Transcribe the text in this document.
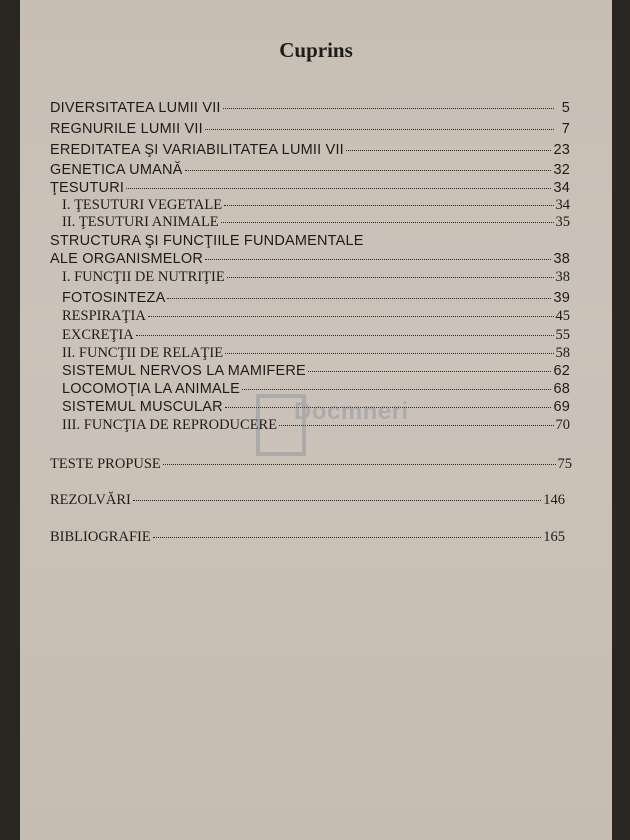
Cuprins
DIVERSITATEA LUMII VII	5
REGNURILE LUMII VII	7
EREDITATEA ŞI VARIABILITATEA LUMII VII	23
GENETICA UMANĂ	32
ŢESUTURI	34
I. ŢESUTURI VEGETALE	34
II. ŢESUTURI ANIMALE	35
STRUCTURA ŞI FUNCŢIILE FUNDAMENTALE
ALE ORGANISMELOR	38
I. FUNCŢII DE NUTRIŢIE	38
FOTOSINTEZA	39
RESPIRAŢIA	45
EXCREŢIA	55
II. FUNCŢII DE RELAŢIE	58
SISTEMUL NERVOS LA MAMIFERE	62
LOCOMOŢIA LA ANIMALE	68
SISTEMUL MUSCULAR	69
III. FUNCŢIA DE REPRODUCERE	70
TESTE PROPUSE	75
REZOLVĂRI	146
BIBLIOGRAFIE	165
Docmneri
